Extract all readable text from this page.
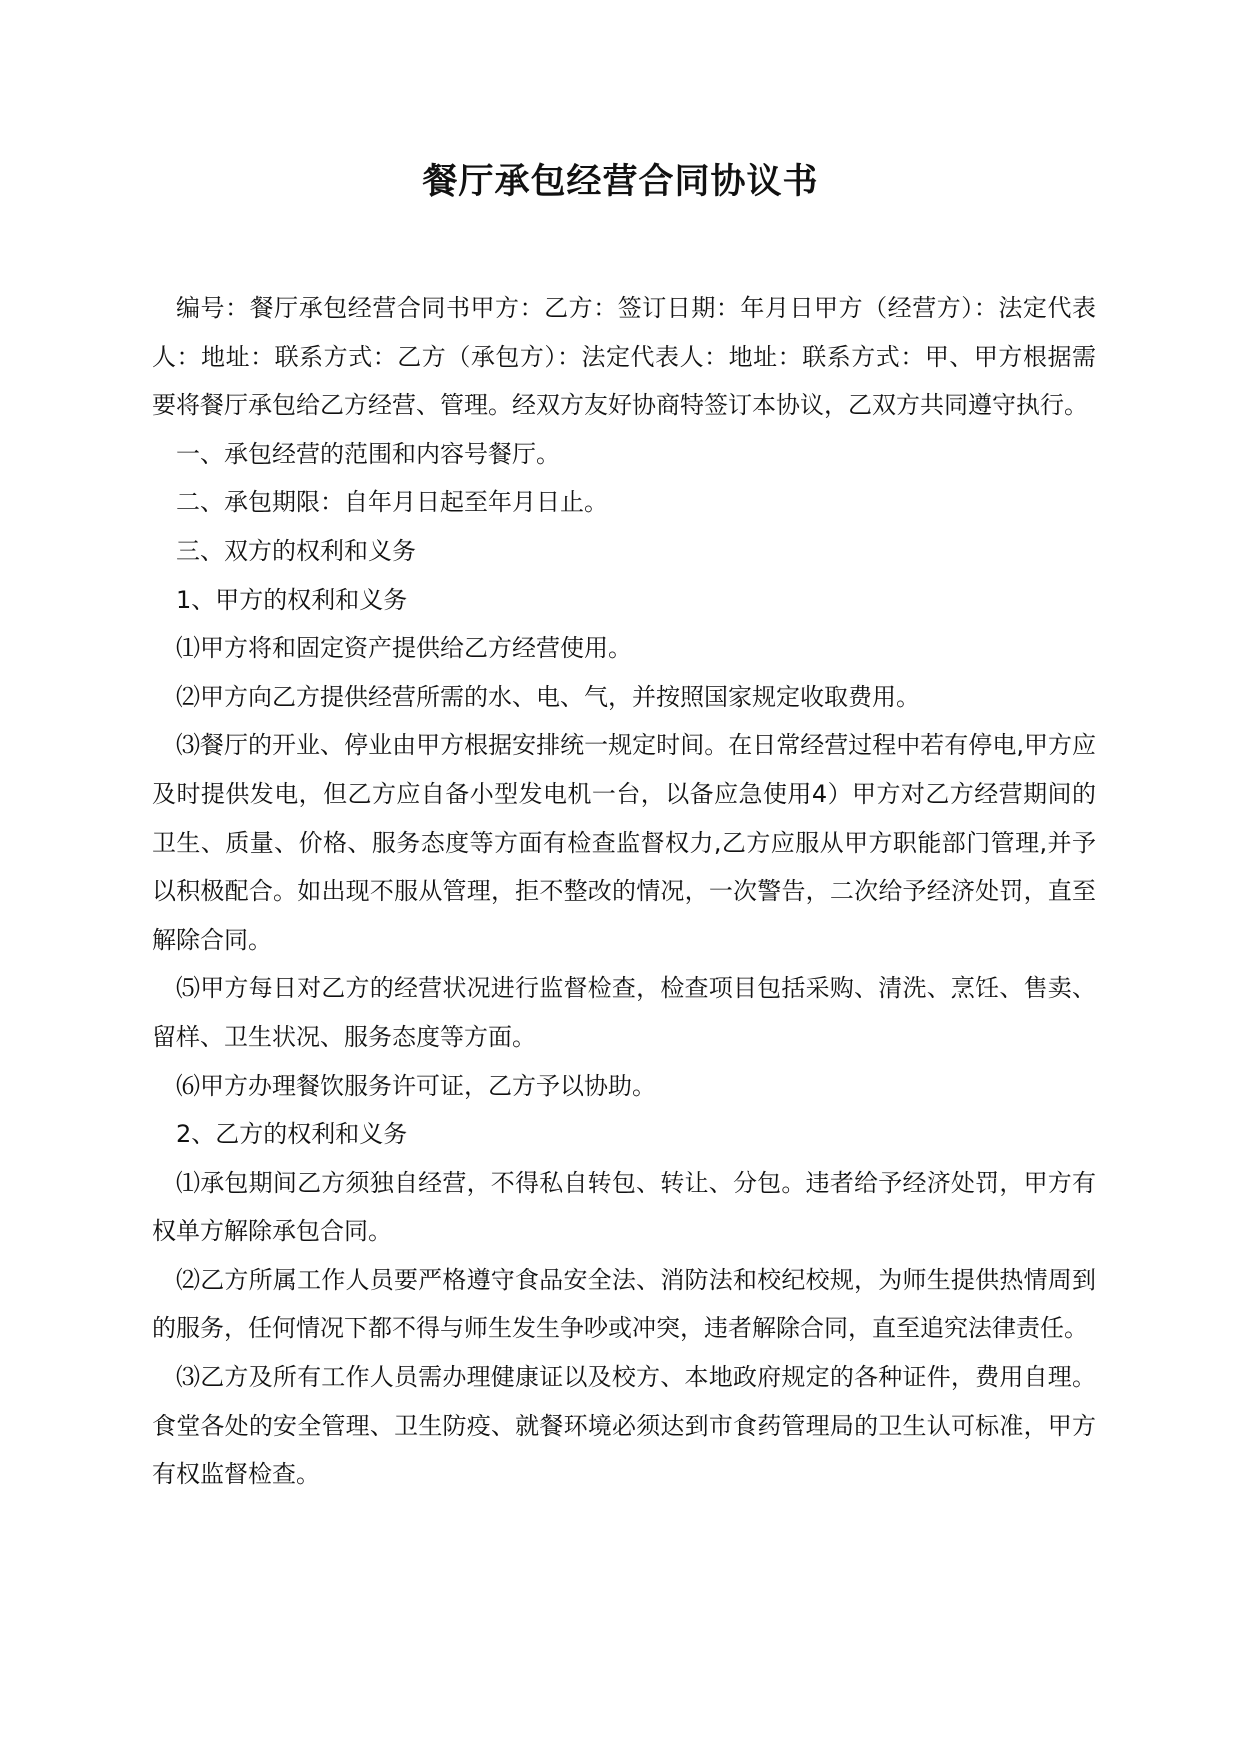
餐厅承包经营合同协议书

编号：餐厅承包经营合同书甲方：乙方：签订日期：年月日甲方（经营方）：法定代表人：地址：联系方式：乙方（承包方）：法定代表人：地址：联系方式：甲、甲方根据需要将餐厅承包给乙方经营、管理。经双方友好协商特签订本协议，乙双方共同遵守执行。

一、承包经营的范围和内容号餐厅。

二、承包期限：自年月日起至年月日止。

三、双方的权利和义务

1、甲方的权利和义务

⑴甲方将和固定资产提供给乙方经营使用。

⑵甲方向乙方提供经营所需的水、电、气，并按照国家规定收取费用。

⑶餐厅的开业、停业由甲方根据安排统一规定时间。在日常经营过程中若有停电,甲方应及时提供发电，但乙方应自备小型发电机一台，以备应急使用4）甲方对乙方经营期间的卫生、质量、价格、服务态度等方面有检查监督权力,乙方应服从甲方职能部门管理,并予以积极配合。如出现不服从管理，拒不整改的情况，一次警告，二次给予经济处罚，直至解除合同。

⑸甲方每日对乙方的经营状况进行监督检查，检查项目包括采购、清洗、烹饪、售卖、留样、卫生状况、服务态度等方面。

⑹甲方办理餐饮服务许可证，乙方予以协助。

2、乙方的权利和义务

⑴承包期间乙方须独自经营，不得私自转包、转让、分包。违者给予经济处罚，甲方有权单方解除承包合同。

⑵乙方所属工作人员要严格遵守食品安全法、消防法和校纪校规，为师生提供热情周到的服务，任何情况下都不得与师生发生争吵或冲突，违者解除合同，直至追究法律责任。

⑶乙方及所有工作人员需办理健康证以及校方、本地政府规定的各种证件，费用自理。食堂各处的安全管理、卫生防疫、就餐环境必须达到市食药管理局的卫生认可标准，甲方有权监督检查。
